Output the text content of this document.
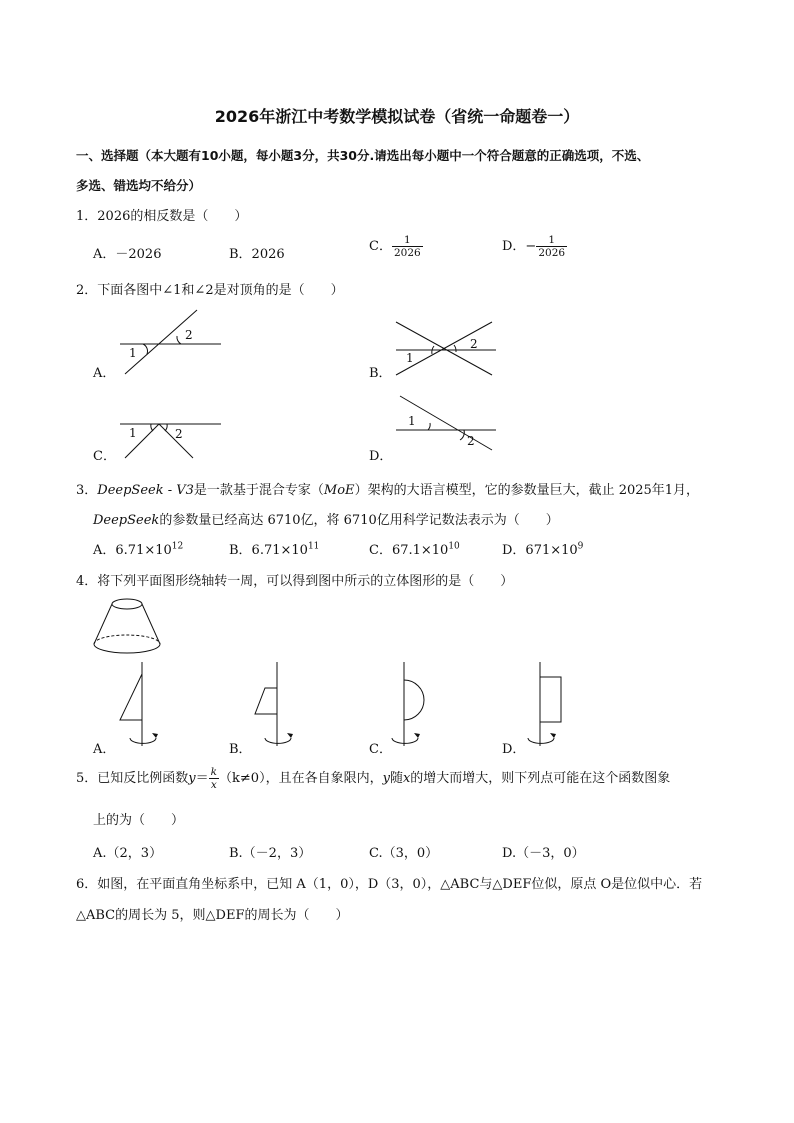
2026年浙江中考数学模拟试卷（省统一命题卷一）
一、选择题（本大题有10小题，每小题3分，共30分.请选出每小题中一个符合题意的正确选项，不选、
多选、错选均不给分）
1．2026的相反数是（　　）
A．－2026	B．2026
C． $\frac{1}{2026}$	D．− $\frac{1}{2026}$
2．下面各图中∠1和∠2是对顶角的是（　　）
A．	B．
C．	D．
1
2
1
2
1	2
1
2
3．DeepSeek - V3是一款基于混合专家（MoE）架构的大语言模型，它的参数量巨大，截止 2025年1月，
DeepSeek的参数量已经高达 6710亿，将 6710亿用科学记数法表示为（　　）
A．$6.71\times 10^{12}$	B．$6.71\times 10^{11}$	C．$67.1\times 10^{10}$	D．$671\times 10^9$
4．将下列平面图形绕轴转一周，可以得到图中所示的立体图形的是（　　）
A．	B．	C．	D．
5．已知反比例函数$y= \frac{k}{x} (k\ne 0)$，且在各自象限内，y随x的增大而增大，则下列点可能在这个函数图象
上的为（　　）
A.（2，3）	B.（－2，3）	C.（3，0）	D.（－3，0）
6．如图，在平面直角坐标系中，已知 A（1，0），D（3，0），△ABC与△DEF位似，原点 O是位似中心．若
△ABC的周长为 5，则△DEF的周长为（　　）
